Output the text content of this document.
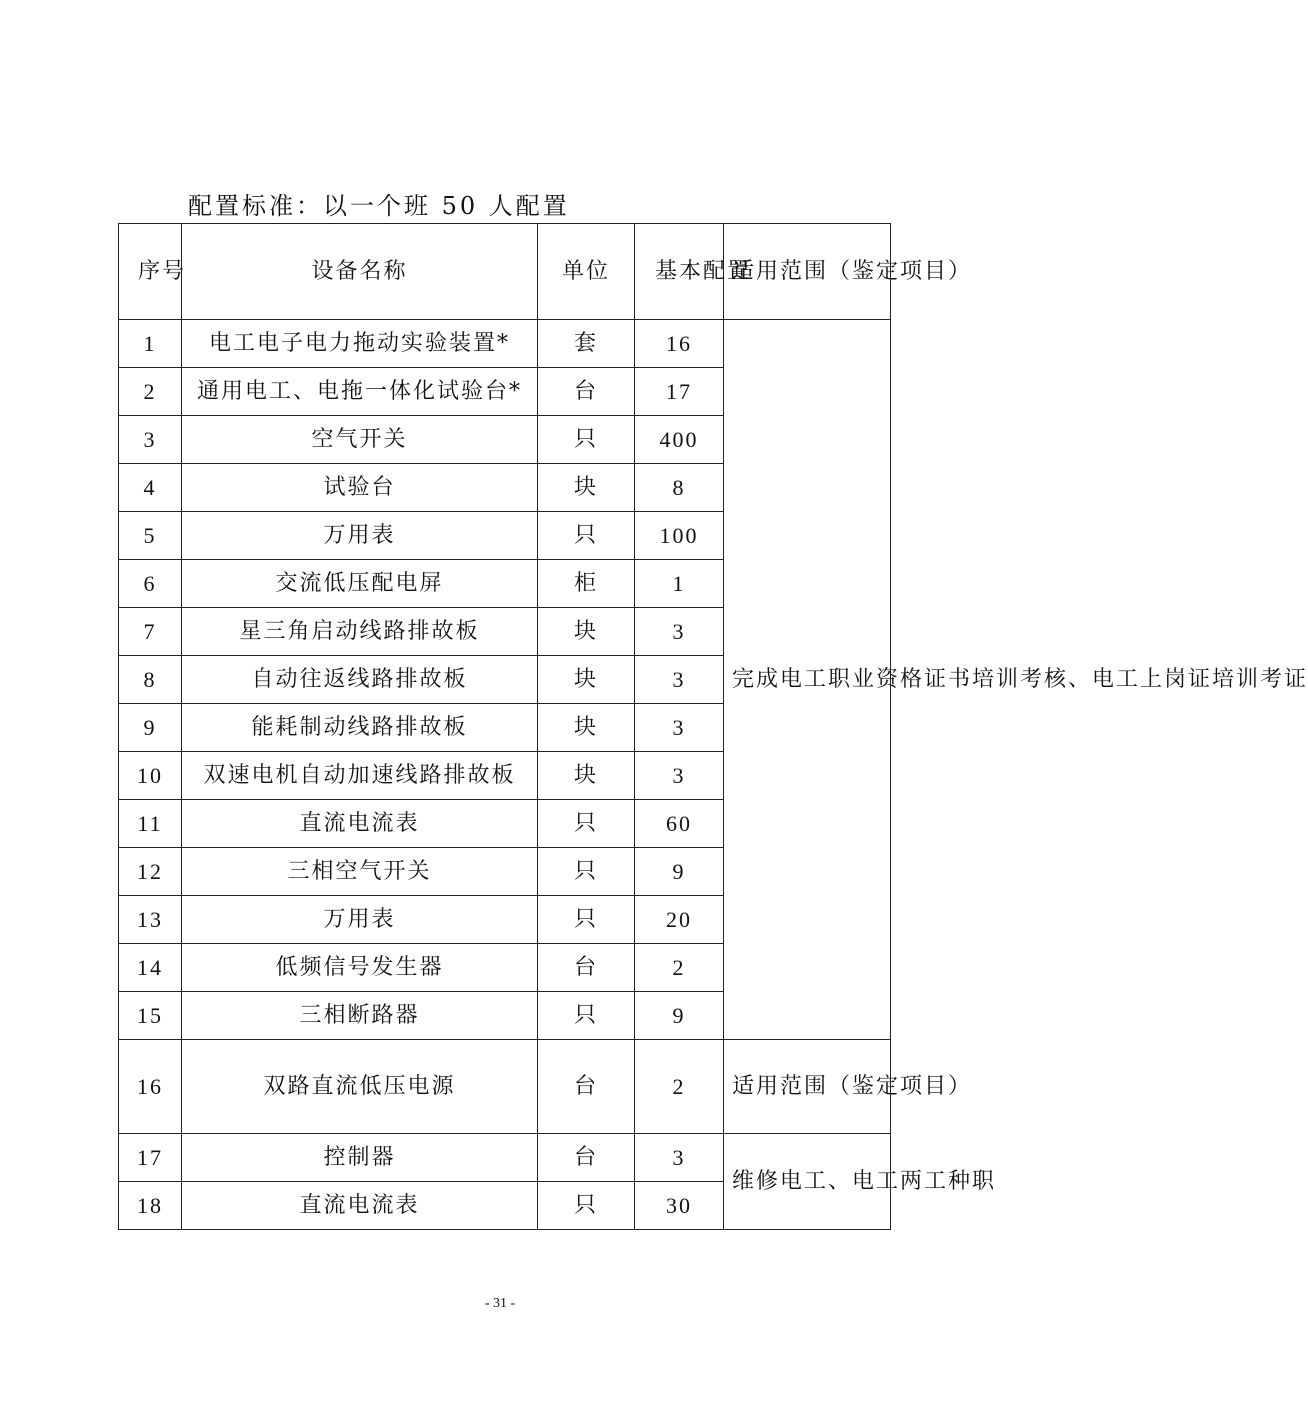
配置标准：以一个班 50 人配置
序号	设备名称	单位	基本配置	适用范围（鉴定项目）
1	电工电子电力拖动实验装置*	套	16	完成电工职业资格证书培训考核、电工上岗证培训考证
2	通用电工、电拖一体化试验台*	台	17	
3	空气开关	只	400	
4	试验台	块	8	
5	万用表	只	100	
6	交流低压配电屏	柜	1	
7	星三角启动线路排故板	块	3	
8	自动往返线路排故板	块	3	
9	能耗制动线路排故板	块	3	
10	双速电机自动加速线路排故板	块	3	
11	直流电流表	只	60	
12	三相空气开关	只	9	
13	万用表	只	20	
14	低频信号发生器	台	2	
15	三相断路器	只	9	
16	双路直流低压电源	台	2	适用范围（鉴定项目）
17	控制器	台	3	维修电工、电工两工种职
18	直流电流表	只	30	
- 31 -
